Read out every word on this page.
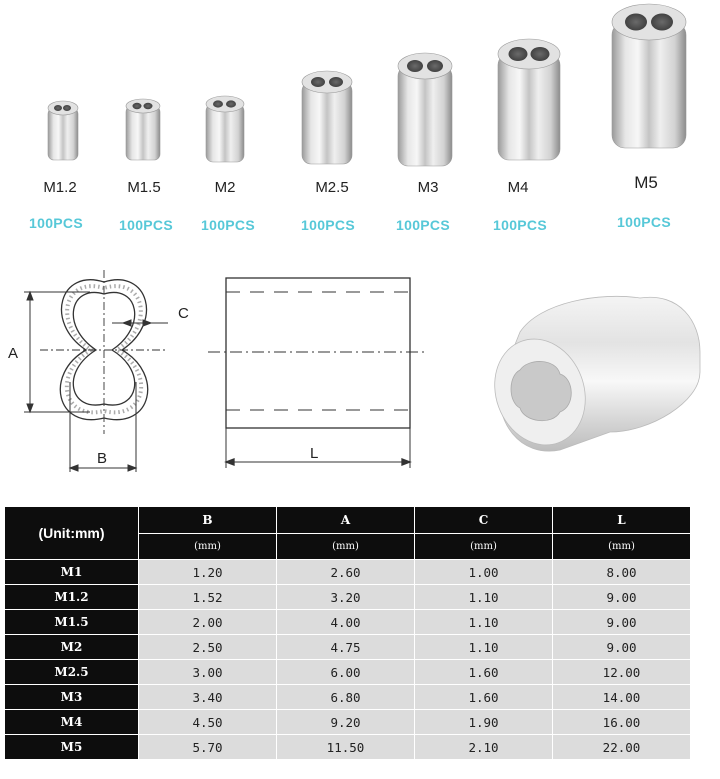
M1.2	M1.5	M2	M2.5	M3	M4	M5
100PCS	100PCS	100PCS	100PCS	100PCS	100PCS	100PCS
A
B
C
L
(Unit:mm)	B	A	C	L
	(mm)	(mm)	(mm)	(mm)
M1	1.20	2.60	1.00	8.00
M1.2	1.52	3.20	1.10	9.00
M1.5	2.00	4.00	1.10	9.00
M2	2.50	4.75	1.10	9.00
M2.5	3.00	6.00	1.60	12.00
M3	3.40	6.80	1.60	14.00
M4	4.50	9.20	1.90	16.00
M5	5.70	11.50	2.10	22.00
